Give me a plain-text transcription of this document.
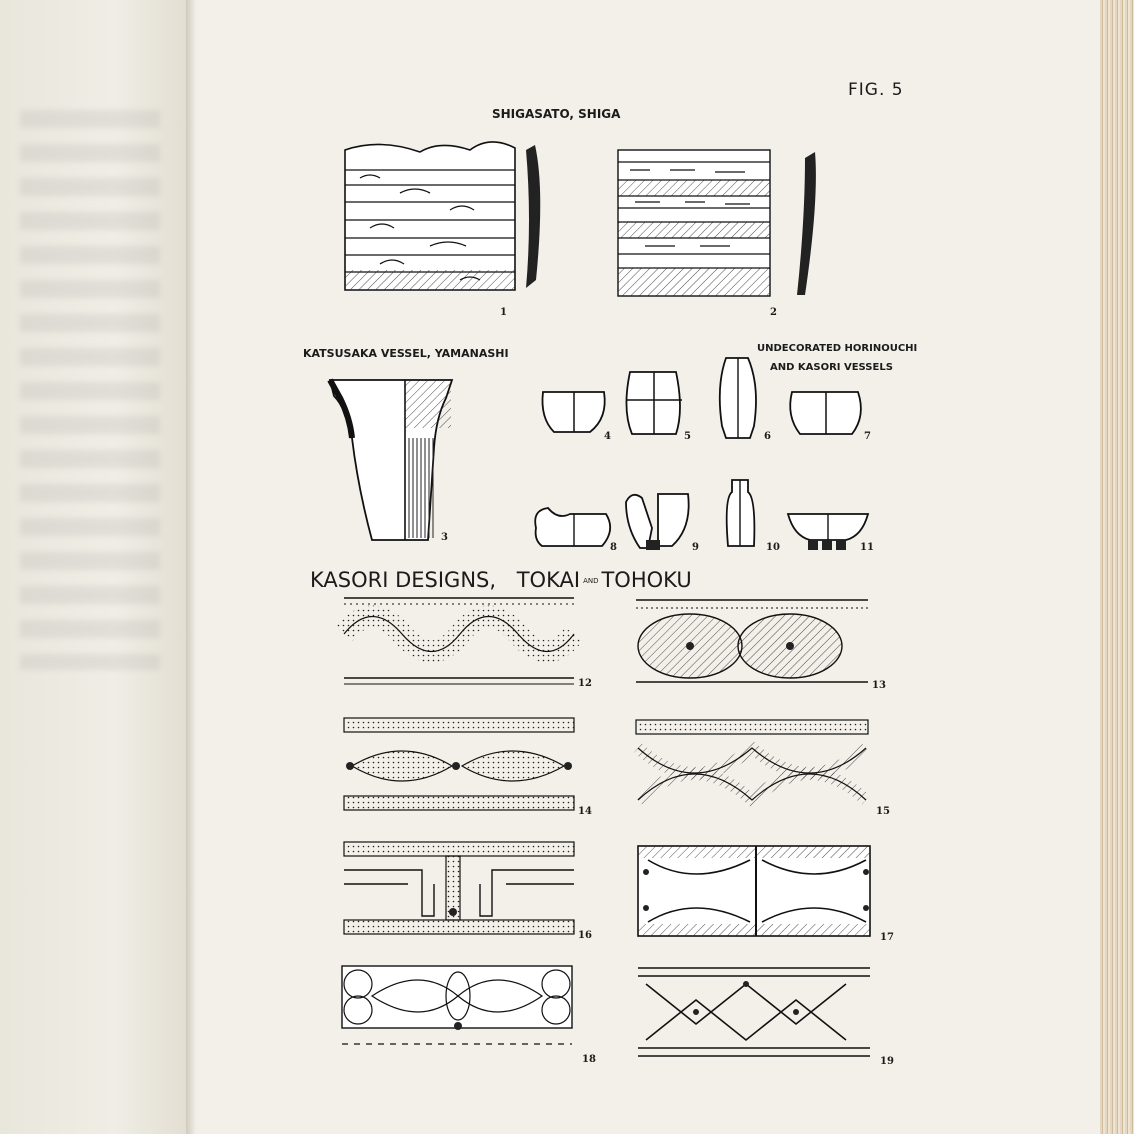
FIG. 5
SHIGASATO, SHIGA
KATSUSAKA VESSEL, YAMANASHI	UNDECORATED HORINOUCHI
AND KASORI VESSELS
KASORI DESIGNS, TOKAI AND TOHOKU
1	2
3
4	5	6	7
8	9	10	11
12	13
14	15
16	17
18	19
